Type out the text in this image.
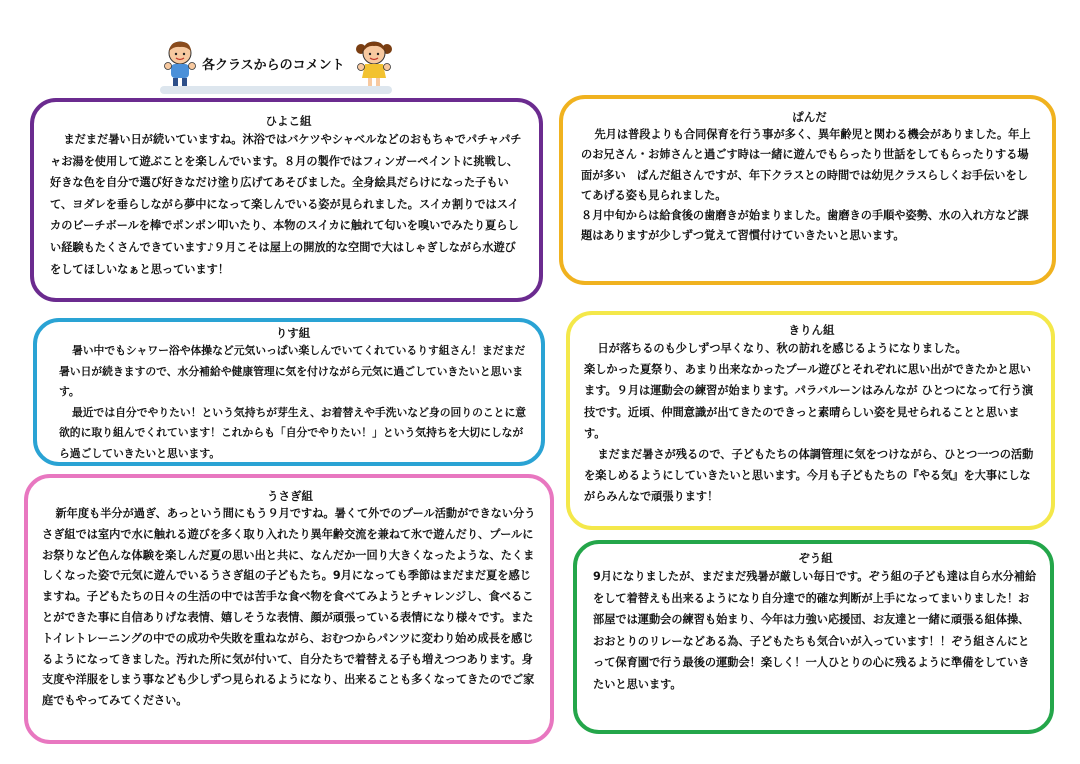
各クラスからのコメント
ひよこ組

まだまだ暑い日が続いていますね。沐浴ではバケツやシャベルなどのおもちゃでパチャパチャお湯を使用して遊ぶことを楽しんでいます。８月の製作ではフィンガーペイントに挑戦し、好きな色を自分で選び好きなだけ塗り広げてあそびました。全身絵具だらけになった子もいて、ヨダレを垂らしながら夢中になって楽しんでいる姿が見られました。スイカ割りではスイカのビーチボールを棒でポンポン叩いたり、本物のスイカに触れて匂いを嗅いでみたり夏らしい経験もたくさんできています♪９月こそは屋上の開放的な空間で大はしゃぎしながら水遊びをしてほしいなぁと思っています！

りす組

暑い中でもシャワー浴や体操など元気いっぱい楽しんでいてくれているりす組さん！まだまだ暑い日が続きますので、水分補給や健康管理に気を付けながら元気に過ごしていきたいと思います。

最近では自分でやりたい！という気持ちが芽生え、お着替えや手洗いなど身の回りのことに意欲的に取り組んでくれています！これからも「自分でやりたい！」という気持ちを大切にしながら過ごしていきたいと思います。

うさぎ組

新年度も半分が過ぎ、あっという間にもう９月ですね。暑くて外でのプール活動ができない分うさぎ組では室内で水に触れる遊びを多く取り入れたり異年齢交流を兼ねて氷で遊んだり、プールにお祭りなど色んな体験を楽しんだ夏の思い出と共に、なんだか一回り大きくなったような、たくましくなった姿で元気に遊んでいるうさぎ組の子どもたち。9月になっても季節はまだまだ夏を感じますね。子どもたちの日々の生活の中では苦手な食べ物を食べてみようとチャレンジし、食べることができた事に自信ありげな表情、嬉しそうな表情、顔が頑張っている表情になり様々です。またトイレトレーニングの中での成功や失敗を重ねながら、おむつからパンツに変わり始め成長を感じるようになってきました。汚れた所に気が付いて、自分たちで着替える子も増えつつあります。身支度や洋服をしまう事なども少しずつ見られるようになり、出来ることも多くなってきたのでご家庭でもやってみてください。

ぱんだ

先月は普段よりも合同保育を行う事が多く、異年齢児と関わる機会がありました。年上のお兄さん・お姉さんと過ごす時は一緒に遊んでもらったり世話をしてもらったりする場面が多い　ぱんだ組さんですが、年下クラスとの時間では幼児クラスらしくお手伝いをしてあげる姿も見られました。

８月中旬からは給食後の歯磨きが始まりました。歯磨きの手順や姿勢、水の入れ方など課題はありますが少しずつ覚えて習慣付けていきたいと思います。

きりん組

日が落ちるのも少しずつ早くなり、秋の訪れを感じるようになりました。

楽しかった夏祭り、あまり出来なかったプール遊びとそれぞれに思い出ができたかと思います。９月は運動会の練習が始まります。パラバルーンはみんなが ひとつになって行う演技です。近頃、仲間意識が出てきたのできっと素晴らしい姿を見せられることと思います。

まだまだ暑さが残るので、子どもたちの体調管理に気をつけながら、ひとつ一つの活動を楽しめるようにしていきたいと思います。今月も子どもたちの『やる気』を大事にしながらみんなで頑張ります！

ぞう組

9月になりましたが、まだまだ残暑が厳しい毎日です。ぞう組の子ども達は自ら水分補給をして着替えも出来るようになり自分達で的確な判断が上手になってまいりました！お部屋では運動会の練習も始まり、今年は力強い応援団、お友達と一緒に頑張る組体操、おおとりのリレーなどある為、子どもたちも気合いが入っています！！ぞう組さんにとって保育園で行う最後の運動会！楽しく！一人ひとりの心に残るように準備をしていきたいと思います。
